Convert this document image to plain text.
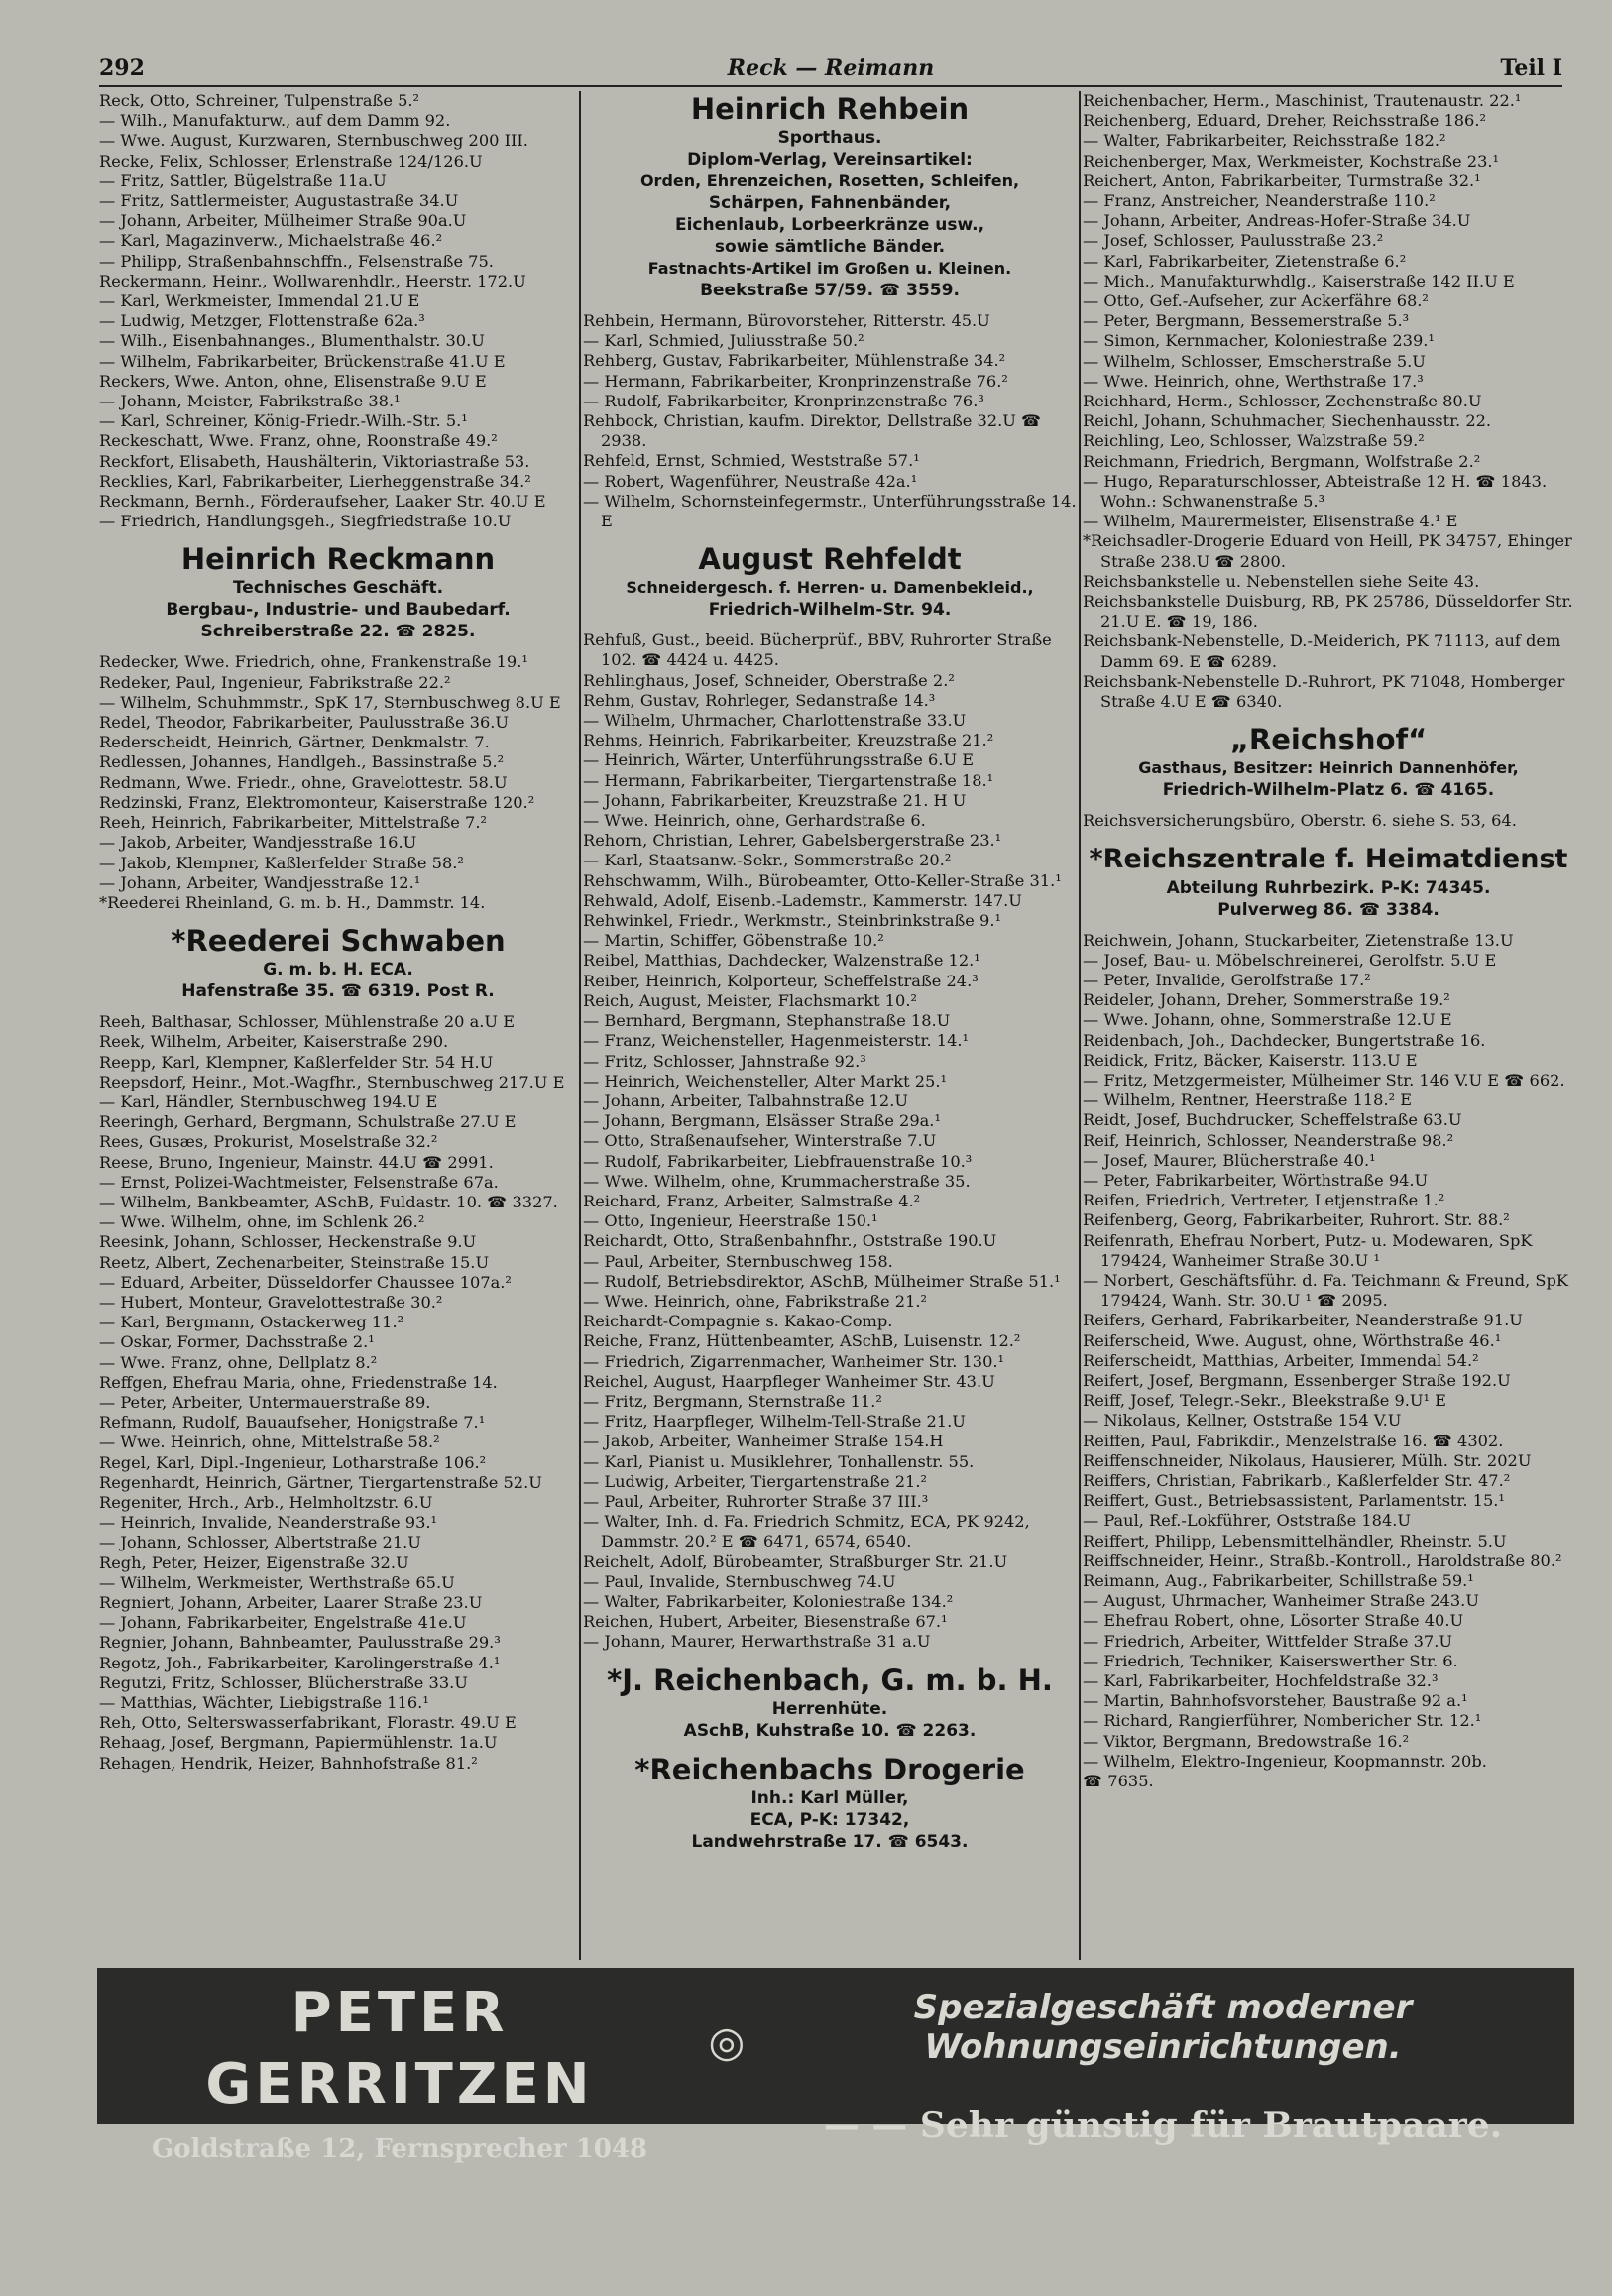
292	Reck — Reimann	Teil I
Reck, Otto, Schreiner, Tulpenstraße 5.²
— Wilh., Manufakturw., auf dem Damm 92.
— Wwe. August, Kurzwaren, Sternbuschweg 200 III.
Recke, Felix, Schlosser, Erlenstraße 124/126.U
— Fritz, Sattler, Bügelstraße 11a.U
— Fritz, Sattlermeister, Augustastraße 34.U
— Johann, Arbeiter, Mülheimer Straße 90a.U
— Karl, Magazinverw., Michaelstraße 46.²
— Philipp, Straßenbahnschffn., Felsenstraße 75.
Reckermann, Heinr., Wollwarenhdlr., Heerstr. 172.U
— Karl, Werkmeister, Immendal 21.U E
— Ludwig, Metzger, Flottenstraße 62a.³
— Wilh., Eisenbahnanges., Blumenthalstr. 30.U
— Wilhelm, Fabrikarbeiter, Brückenstraße 41.U E
Reckers, Wwe. Anton, ohne, Elisenstraße 9.U E
— Johann, Meister, Fabrikstraße 38.¹
— Karl, Schreiner, König-Friedr.-Wilh.-Str. 5.¹
Reckeschatt, Wwe. Franz, ohne, Roonstraße 49.²
Reckfort, Elisabeth, Haushälterin, Viktoriastraße 53.
Recklies, Karl, Fabrikarbeiter, Lierheggenstraße 34.²
Reckmann, Bernh., Förderaufseher, Laaker Str. 40.U E
— Friedrich, Handlungsgeh., Siegfriedstraße 10.U
Heinrich Reckmann
Technisches Geschäft.
Bergbau-, Industrie- und Baubedarf.
Schreiberstraße 22. ☎ 2825.
Redecker, Wwe. Friedrich, ohne, Frankenstraße 19.¹
Redeker, Paul, Ingenieur, Fabrikstraße 22.²
— Wilhelm, Schuhmmstr., SpK 17, Sternbuschweg 8.U E
Redel, Theodor, Fabrikarbeiter, Paulusstraße 36.U
Rederscheidt, Heinrich, Gärtner, Denkmalstr. 7.
Redlessen, Johannes, Handlgeh., Bassinstraße 5.²
Redmann, Wwe. Friedr., ohne, Gravelottestr. 58.U
Redzinski, Franz, Elektromonteur, Kaiserstraße 120.²
Reeh, Heinrich, Fabrikarbeiter, Mittelstraße 7.²
— Jakob, Arbeiter, Wandjesstraße 16.U
— Jakob, Klempner, Kaßlerfelder Straße 58.²
— Johann, Arbeiter, Wandjesstraße 12.¹
*Reederei Rheinland, G. m. b. H., Dammstr. 14.
*Reederei Schwaben
G. m. b. H. ECA.
Hafenstraße 35. ☎ 6319. Post R.
Reeh, Balthasar, Schlosser, Mühlenstraße 20 a.U E
Reek, Wilhelm, Arbeiter, Kaiserstraße 290.
Reepp, Karl, Klempner, Kaßlerfelder Str. 54 H.U
Reepsdorf, Heinr., Mot.-Wagfhr., Sternbuschweg 217.U E
— Karl, Händler, Sternbuschweg 194.U E
Reeringh, Gerhard, Bergmann, Schulstraße 27.U E
Rees, Gusæs, Prokurist, Moselstraße 32.²
Reese, Bruno, Ingenieur, Mainstr. 44.U ☎ 2991.
— Ernst, Polizei-Wachtmeister, Felsenstraße 67a.
— Wilhelm, Bankbeamter, ASchB, Fuldastr. 10. ☎ 3327.
— Wwe. Wilhelm, ohne, im Schlenk 26.²
Reesink, Johann, Schlosser, Heckenstraße 9.U
Reetz, Albert, Zechenarbeiter, Steinstraße 15.U
— Eduard, Arbeiter, Düsseldorfer Chaussee 107a.²
— Hubert, Monteur, Gravelottestraße 30.²
— Karl, Bergmann, Ostackerweg 11.²
— Oskar, Former, Dachsstraße 2.¹
— Wwe. Franz, ohne, Dellplatz 8.²
Reffgen, Ehefrau Maria, ohne, Friedenstraße 14.
— Peter, Arbeiter, Untermauerstraße 89.
Refmann, Rudolf, Bauaufseher, Honigstraße 7.¹
— Wwe. Heinrich, ohne, Mittelstraße 58.²
Regel, Karl, Dipl.-Ingenieur, Lotharstraße 106.²
Regenhardt, Heinrich, Gärtner, Tiergartenstraße 52.U
Regeniter, Hrch., Arb., Helmholtzstr. 6.U
— Heinrich, Invalide, Neanderstraße 93.¹
— Johann, Schlosser, Albertstraße 21.U
Regh, Peter, Heizer, Eigenstraße 32.U
— Wilhelm, Werkmeister, Werthstraße 65.U
Regniert, Johann, Arbeiter, Laarer Straße 23.U
— Johann, Fabrikarbeiter, Engelstraße 41e.U
Regnier, Johann, Bahnbeamter, Paulusstraße 29.³
Regotz, Joh., Fabrikarbeiter, Karolingerstraße 4.¹
Regutzi, Fritz, Schlosser, Blücherstraße 33.U
— Matthias, Wächter, Liebigstraße 116.¹
Reh, Otto, Selterswasserfabrikant, Florastr. 49.U E
Rehaag, Josef, Bergmann, Papiermühlenstr. 1a.U
Rehagen, Hendrik, Heizer, Bahnhofstraße 81.²
Heinrich Rehbein
Sporthaus.
Diplom-Verlag, Vereinsartikel:
Orden, Ehrenzeichen, Rosetten, Schleifen,
Schärpen, Fahnenbänder,
Eichenlaub, Lorbeerkränze usw.,
sowie sämtliche Bänder.
Fastnachts-Artikel im Großen u. Kleinen.
Beekstraße 57/59. ☎ 3559.
Rehbein, Hermann, Bürovorsteher, Ritterstr. 45.U
— Karl, Schmied, Juliusstraße 50.²
Rehberg, Gustav, Fabrikarbeiter, Mühlenstraße 34.²
— Hermann, Fabrikarbeiter, Kronprinzenstraße 76.²
— Rudolf, Fabrikarbeiter, Kronprinzenstraße 76.³
Rehbock, Christian, kaufm. Direktor, Dellstraße 32.U ☎ 2938.
Rehfeld, Ernst, Schmied, Weststraße 57.¹
— Robert, Wagenführer, Neustraße 42a.¹
— Wilhelm, Schornsteinfegermstr., Unterführungsstraße 14. E
August Rehfeldt
Schneidergesch. f. Herren- u. Damenbekleid.,
Friedrich-Wilhelm-Str. 94.
Rehfuß, Gust., beeid. Bücherprüf., BBV, Ruhrorter Straße 102. ☎ 4424 u. 4425.
Rehlinghaus, Josef, Schneider, Oberstraße 2.²
Rehm, Gustav, Rohrleger, Sedanstraße 14.³
— Wilhelm, Uhrmacher, Charlottenstraße 33.U
Rehms, Heinrich, Fabrikarbeiter, Kreuzstraße 21.²
— Heinrich, Wärter, Unterführungsstraße 6.U E
— Hermann, Fabrikarbeiter, Tiergartenstraße 18.¹
— Johann, Fabrikarbeiter, Kreuzstraße 21. H U
— Wwe. Heinrich, ohne, Gerhardstraße 6.
Rehorn, Christian, Lehrer, Gabelsbergerstraße 23.¹
— Karl, Staatsanw.-Sekr., Sommerstraße 20.²
Rehschwamm, Wilh., Bürobeamter, Otto-Keller-Straße 31.¹
Rehwald, Adolf, Eisenb.-Lademstr., Kammerstr. 147.U
Rehwinkel, Friedr., Werkmstr., Steinbrinkstraße 9.¹
— Martin, Schiffer, Göbenstraße 10.²
Reibel, Matthias, Dachdecker, Walzenstraße 12.¹
Reiber, Heinrich, Kolporteur, Scheffelstraße 24.³
Reich, August, Meister, Flachsmarkt 10.²
— Bernhard, Bergmann, Stephanstraße 18.U
— Franz, Weichensteller, Hagenmeisterstr. 14.¹
— Fritz, Schlosser, Jahnstraße 92.³
— Heinrich, Weichensteller, Alter Markt 25.¹
— Johann, Arbeiter, Talbahnstraße 12.U
— Johann, Bergmann, Elsässer Straße 29a.¹
— Otto, Straßenaufseher, Winterstraße 7.U
— Rudolf, Fabrikarbeiter, Liebfrauenstraße 10.³
— Wwe. Wilhelm, ohne, Krummacherstraße 35.
Reichard, Franz, Arbeiter, Salmstraße 4.²
— Otto, Ingenieur, Heerstraße 150.¹
Reichardt, Otto, Straßenbahnfhr., Oststraße 190.U
— Paul, Arbeiter, Sternbuschweg 158.
— Rudolf, Betriebsdirektor, ASchB, Mülheimer Straße 51.¹
— Wwe. Heinrich, ohne, Fabrikstraße 21.²
Reichardt-Compagnie s. Kakao-Comp.
Reiche, Franz, Hüttenbeamter, ASchB, Luisenstr. 12.²
— Friedrich, Zigarrenmacher, Wanheimer Str. 130.¹
Reichel, August, Haarpfleger Wanheimer Str. 43.U
— Fritz, Bergmann, Sternstraße 11.²
— Fritz, Haarpfleger, Wilhelm-Tell-Straße 21.U
— Jakob, Arbeiter, Wanheimer Straße 154.H
— Karl, Pianist u. Musiklehrer, Tonhallenstr. 55.
— Ludwig, Arbeiter, Tiergartenstraße 21.²
— Paul, Arbeiter, Ruhrorter Straße 37 III.³
— Walter, Inh. d. Fa. Friedrich Schmitz, ECA, PK 9242, Dammstr. 20.² E ☎ 6471, 6574, 6540.
Reichelt, Adolf, Bürobeamter, Straßburger Str. 21.U
— Paul, Invalide, Sternbuschweg 74.U
— Walter, Fabrikarbeiter, Koloniestraße 134.²
Reichen, Hubert, Arbeiter, Biesenstraße 67.¹
— Johann, Maurer, Herwarthstraße 31 a.U
*J. Reichenbach, G. m. b. H.
Herrenhüte.
ASchB, Kuhstraße 10. ☎ 2263.
*Reichenbachs Drogerie
Inh.: Karl Müller,
ECA, P-K: 17342,
Landwehrstraße 17. ☎ 6543.
Reichenbacher, Herm., Maschinist, Trautenaustr. 22.¹
Reichenberg, Eduard, Dreher, Reichsstraße 186.²
— Walter, Fabrikarbeiter, Reichsstraße 182.²
Reichenberger, Max, Werkmeister, Kochstraße 23.¹
Reichert, Anton, Fabrikarbeiter, Turmstraße 32.¹
— Franz, Anstreicher, Neanderstraße 110.²
— Johann, Arbeiter, Andreas-Hofer-Straße 34.U
— Josef, Schlosser, Paulusstraße 23.²
— Karl, Fabrikarbeiter, Zietenstraße 6.²
— Mich., Manufakturwhdlg., Kaiserstraße 142 II.U E
— Otto, Gef.-Aufseher, zur Ackerfähre 68.²
— Peter, Bergmann, Bessemerstraße 5.³
— Simon, Kernmacher, Koloniestraße 239.¹
— Wilhelm, Schlosser, Emscherstraße 5.U
— Wwe. Heinrich, ohne, Werthstraße 17.³
Reichhard, Herm., Schlosser, Zechenstraße 80.U
Reichl, Johann, Schuhmacher, Siechenhausstr. 22.
Reichling, Leo, Schlosser, Walzstraße 59.²
Reichmann, Friedrich, Bergmann, Wolfstraße 2.²
— Hugo, Reparaturschlosser, Abteistraße 12 H. ☎ 1843. Wohn.: Schwanenstraße 5.³
— Wilhelm, Maurermeister, Elisenstraße 4.¹ E
*Reichsadler-Drogerie Eduard von Heill, PK 34757, Ehinger Straße 238.U ☎ 2800.
Reichsbankstelle u. Nebenstellen siehe Seite 43.
Reichsbankstelle Duisburg, RB, PK 25786, Düsseldorfer Str. 21.U E. ☎ 19, 186.
Reichsbank-Nebenstelle, D.-Meiderich, PK 71113, auf dem Damm 69. E ☎ 6289.
Reichsbank-Nebenstelle D.-Ruhrort, PK 71048, Homberger Straße 4.U E ☎ 6340.
„Reichshof“
Gasthaus, Besitzer: Heinrich Dannenhöfer,
Friedrich-Wilhelm-Platz 6. ☎ 4165.
Reichsversicherungsbüro, Oberstr. 6. siehe S. 53, 64.
*Reichszentrale f. Heimatdienst
Abteilung Ruhrbezirk. P-K: 74345.
Pulverweg 86. ☎ 3384.
Reichwein, Johann, Stuckarbeiter, Zietenstraße 13.U
— Josef, Bau- u. Möbelschreinerei, Gerolfstr. 5.U E
— Peter, Invalide, Gerolfstraße 17.²
Reideler, Johann, Dreher, Sommerstraße 19.²
— Wwe. Johann, ohne, Sommerstraße 12.U E
Reidenbach, Joh., Dachdecker, Bungertstraße 16.
Reidick, Fritz, Bäcker, Kaiserstr. 113.U E
— Fritz, Metzgermeister, Mülheimer Str. 146 V.U E ☎ 662.
— Wilhelm, Rentner, Heerstraße 118.² E
Reidt, Josef, Buchdrucker, Scheffelstraße 63.U
Reif, Heinrich, Schlosser, Neanderstraße 98.²
— Josef, Maurer, Blücherstraße 40.¹
— Peter, Fabrikarbeiter, Wörthstraße 94.U
Reifen, Friedrich, Vertreter, Letjenstraße 1.²
Reifenberg, Georg, Fabrikarbeiter, Ruhrort. Str. 88.²
Reifenrath, Ehefrau Norbert, Putz- u. Modewaren, SpK 179424, Wanheimer Straße 30.U ¹
— Norbert, Geschäftsführ. d. Fa. Teichmann & Freund, SpK 179424, Wanh. Str. 30.U ¹ ☎ 2095.
Reifers, Gerhard, Fabrikarbeiter, Neanderstraße 91.U
Reiferscheid, Wwe. August, ohne, Wörthstraße 46.¹
Reiferscheidt, Matthias, Arbeiter, Immendal 54.²
Reifert, Josef, Bergmann, Essenberger Straße 192.U
Reiff, Josef, Telegr.-Sekr., Bleekstraße 9.U¹ E
— Nikolaus, Kellner, Oststraße 154 V.U
Reiffen, Paul, Fabrikdir., Menzelstraße 16. ☎ 4302.
Reiffenschneider, Nikolaus, Hausierer, Mülh. Str. 202U
Reiffers, Christian, Fabrikarb., Kaßlerfelder Str. 47.²
Reiffert, Gust., Betriebsassistent, Parlamentstr. 15.¹
— Paul, Ref.-Lokführer, Oststraße 184.U
Reiffert, Philipp, Lebensmittelhändler, Rheinstr. 5.U
Reiffschneider, Heinr., Straßb.-Kontroll., Haroldstraße 80.²
Reimann, Aug., Fabrikarbeiter, Schillstraße 59.¹
— August, Uhrmacher, Wanheimer Straße 243.U
— Ehefrau Robert, ohne, Lösorter Straße 40.U
— Friedrich, Arbeiter, Wittfelder Straße 37.U
— Friedrich, Techniker, Kaiserswerther Str. 6.
— Karl, Fabrikarbeiter, Hochfeldstraße 32.³
— Martin, Bahnhofsvorsteher, Baustraße 92 a.¹
— Richard, Rangierführer, Nombericher Str. 12.¹
— Viktor, Bergmann, Bredowstraße 16.²
— Wilhelm, Elektro-Ingenieur, Koopmannstr. 20b.
☎ 7635.
PETER GERRITZEN
Goldstraße 12, Fernsprecher 1048
◎
Spezialgeschäft moderner Wohnungseinrichtungen.
— — Sehr günstig für Brautpaare.
